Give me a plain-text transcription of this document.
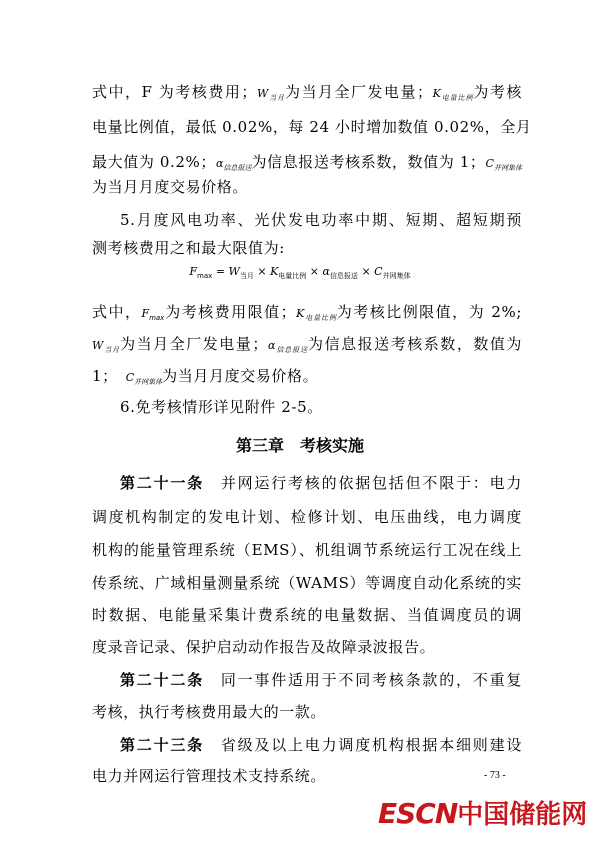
式中，F 为考核费用；$W_{当月}$为当月全厂发电量；$K_{电量比例}$为考核
电量比例值，最低 0.02%，每 24 小时增加数值 0.02%，全月
最大值为 0.2%；$\alpha_{信息报送}$为信息报送考核系数，数值为 1；$C_{并网集体}$
为当月月度交易价格。
5.月度风电功率、光伏发电功率中期、短期、超短期预
测考核费用之和最大限值为:
$F_{max} = W_{当月} \times K_{电量比例} \times \alpha_{信息报送} \times C_{并网集体}$
式中，$F_{max}$为考核费用限值；$K_{电量比例}$为考核比例限值，为 2%;
$W_{当月}$为当月全厂发电量；$\alpha_{信息报送}$为信息报送考核系数，数值为
1； $C_{并网集体}$为当月月度交易价格。
6.免考核情形详见附件 2-5。
第三章　考核实施
第二十一条　 并网运行考核的依据包括但不限于：电力
调度机构制定的发电计划、检修计划、电压曲线，电力调度
机构的能量管理系统（EMS）、机组调节系统运行工况在线上
传系统、广域相量测量系统（WAMS）等调度自动化系统的实
时数据、电能量采集计费系统的电量数据、当值调度员的调
度录音记录、保护启动动作报告及故障录波报告。
第二十二条　 同一事件适用于不同考核条款的，不重复
考核，执行考核费用最大的一款。
第二十三条　 省级及以上电力调度机构根据本细则建设
电力并网运行管理技术支持系统。	- 73 -
ESCN中国储能网
